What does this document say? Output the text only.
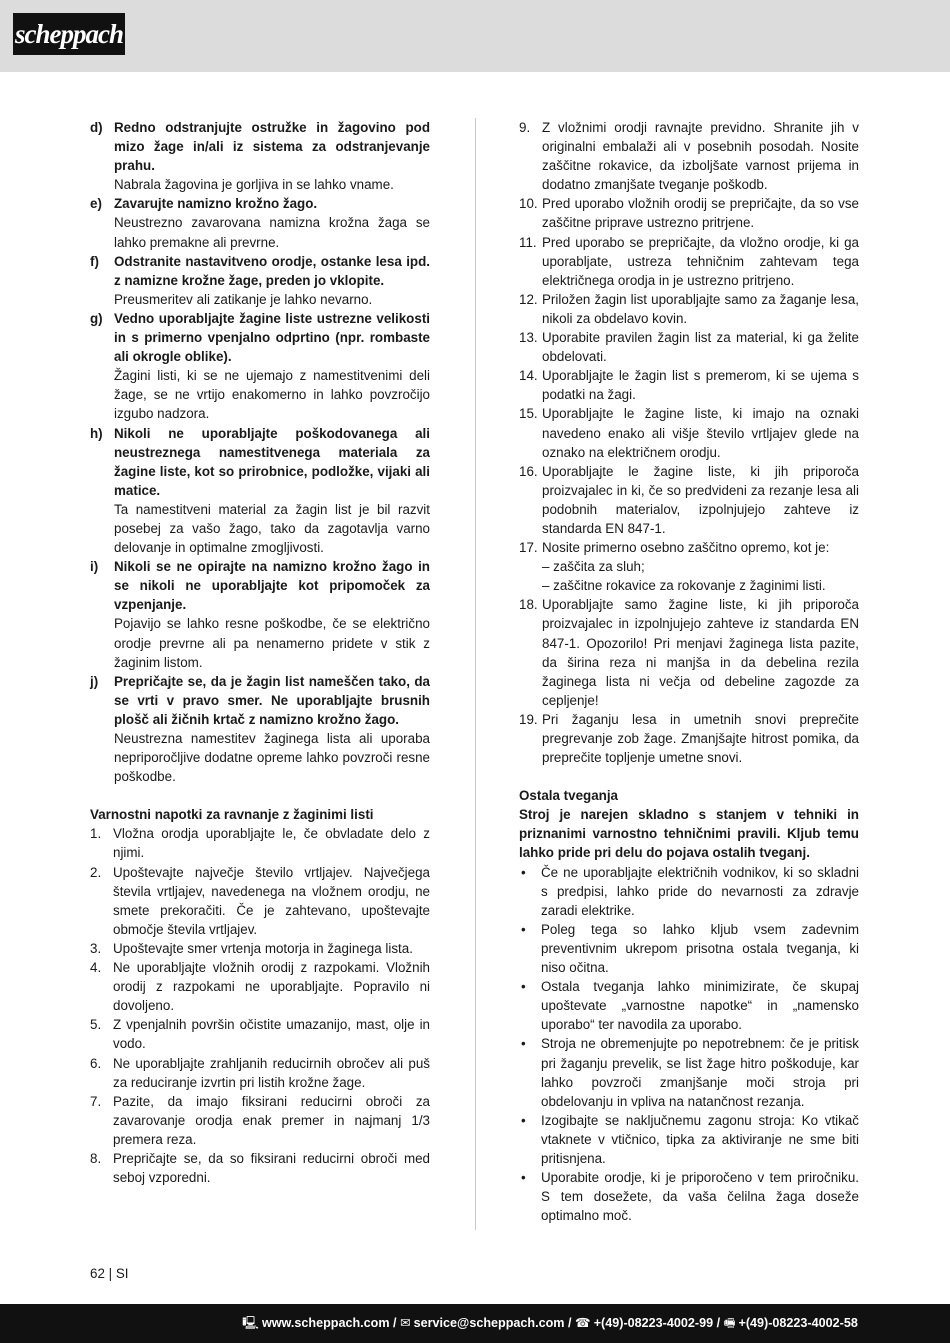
scheppach
d) Redno odstranjujte ostružke in žagovino pod mizo žage in/ali iz sistema za odstranjevanje prahu.
Nabrala žagovina je gorljiva in se lahko vname.
e) Zavarujte namizno krožno žago.
Neustrezno zavarovana namizna krožna žaga se lahko premakne ali prevrne.
f)	Odstranite nastavitveno orodje, ostanke lesa ipd. z namizne krožne žage, preden jo vklopite.
Preusmeritev ali zatikanje je lahko nevarno.
g) Vedno uporabljajte žagine liste ustrezne velikosti in s primerno vpenjalno odprtino (npr. rombaste ali okrogle oblike).
Žagini listi, ki se ne ujemajo z namestitvenimi deli žage, se ne vrtijo enakomerno in lahko povzročijo izgubo nadzora.
h) Nikoli ne uporabljajte poškodovanega ali neustreznega namestitvenega materiala za žagine liste, kot so prirobnice, podložke, vijaki ali matice.
Ta namestitveni material za žagin list je bil razvit posebej za vašo žago, tako da zagotavlja varno delovanje in optimalne zmogljivosti.
i)	Nikoli se ne opirajte na namizno krožno žago in se nikoli ne uporabljajte kot pripomoček za vzpenjanje.
Pojavijo se lahko resne poškodbe, če se električno orodje prevrne ali pa nenamerno pridete v stik z žaginim listom.
j)	Prepričajte se, da je žagin list nameščen tako, da se vrti v pravo smer. Ne uporabljajte brusnih plošč ali žičnih krtač z namizno krožno žago.
Neustrezna namestitev žaginega lista ali uporaba nepriporočljive dodatne opreme lahko povzroči resne poškodbe.
Varnostni napotki za ravnanje z žaginimi listi
1. Vložna orodja uporabljajte le, če obvladate delo z njimi.
2. Upoštevajte največje število vrtljajev. Največjega števila vrtljajev, navedenega na vložnem orodju, ne smete prekoračiti. Če je zahtevano, upoštevajte območje števila vrtljajev.
3. Upoštevajte smer vrtenja motorja in žaginega lista.
4. Ne uporabljajte vložnih orodij z razpokami. Vložnih orodij z razpokami ne uporabljajte. Popravilo ni dovoljeno.
5. Z vpenjalnih površin očistite umazanijo, mast, olje in vodo.
6. Ne uporabljajte zrahljanih reducirnih obročev ali puš za reduciranje izvrtin pri listih krožne žage.
7. Pazite, da imajo fiksirani reducirni obroči za zavarovanje orodja enak premer in najmanj 1/3 premera reza.
8. Prepričajte se, da so fiksirani reducirni obroči med seboj vzporedni.
9. Z vložnimi orodji ravnajte previdno. Shranite jih v originalni embalaži ali v posebnih posodah. Nosite zaščitne rokavice, da izboljšate varnost prijema in dodatno zmanjšate tveganje poškodb.
10. Pred uporabo vložnih orodij se prepričajte, da so vse zaščitne priprave ustrezno pritrjene.
11. Pred uporabo se prepričajte, da vložno orodje, ki ga uporabljate, ustreza tehničnim zahtevam tega električnega orodja in je ustrezno pritrjeno.
12. Priložen žagin list uporabljajte samo za žaganje lesa, nikoli za obdelavo kovin.
13. Uporabite pravilen žagin list za material, ki ga želite obdelovati.
14. Uporabljajte le žagin list s premerom, ki se ujema s podatki na žagi.
15. Uporabljajte le žagine liste, ki imajo na oznaki navedeno enako ali višje število vrtljajev glede na oznako na električnem orodju.
16. Uporabljajte le žagine liste, ki jih priporoča proizvajalec in ki, če so predvideni za rezanje lesa ali podobnih materialov, izpolnjujejo zahteve iz standarda EN 847-1.
17. Nosite primerno osebno zaščitno opremo, kot je:
– zaščita za sluh;
– zaščitne rokavice za rokovanje z žaginimi listi.
18. Uporabljajte samo žagine liste, ki jih priporoča proizvajalec in izpolnjujejo zahteve iz standarda EN 847-1. Opozorilo! Pri menjavi žaginega lista pazite, da širina reza ni manjša in da debelina rezila žaginega lista ni večja od debeline zagozde za cepljenje!
19. Pri žaganju lesa in umetnih snovi preprečite pregrevanje zob žage. Zmanjšajte hitrost pomika, da preprečite topljenje umetne snovi.
Ostala tveganja
Stroj je narejen skladno s stanjem v tehniki in priznanimi varnostno tehničnimi pravili. Kljub temu lahko pride pri delu do pojava ostalih tveganj.
•	Če ne uporabljajte električnih vodnikov, ki so skladni s predpisi, lahko pride do nevarnosti za zdravje zaradi elektrike.
•	Poleg tega so lahko kljub vsem zadevnim preventivnim ukrepom prisotna ostala tveganja, ki niso očitna.
•	Ostala tveganja lahko minimizirate, če skupaj upoštevate „varnostne napotke“ in „namensko uporabo“ ter navodila za uporabo.
•	Stroja ne obremenjujte po nepotrebnem: če je pritisk pri žaganju prevelik, se list žage hitro poškoduje, kar lahko povzroči zmanjšanje moči stroja pri obdelovanju in vpliva na natančnost rezanja.
•	Izogibajte se naključnemu zagonu stroja: Ko vtikač vtaknete v vtičnico, tipka za aktiviranje ne sme biti pritisnjena.
•	Uporabite orodje, ki je priporočeno v tem priročniku. S tem dosežete, da vaša čelilna žaga doseže optimalno moč.
62 | SI
🖳 www.scheppach.com / ✉ service@scheppach.com / ☎ +(49)-08223-4002-99 / 🖷 +(49)-08223-4002-58
